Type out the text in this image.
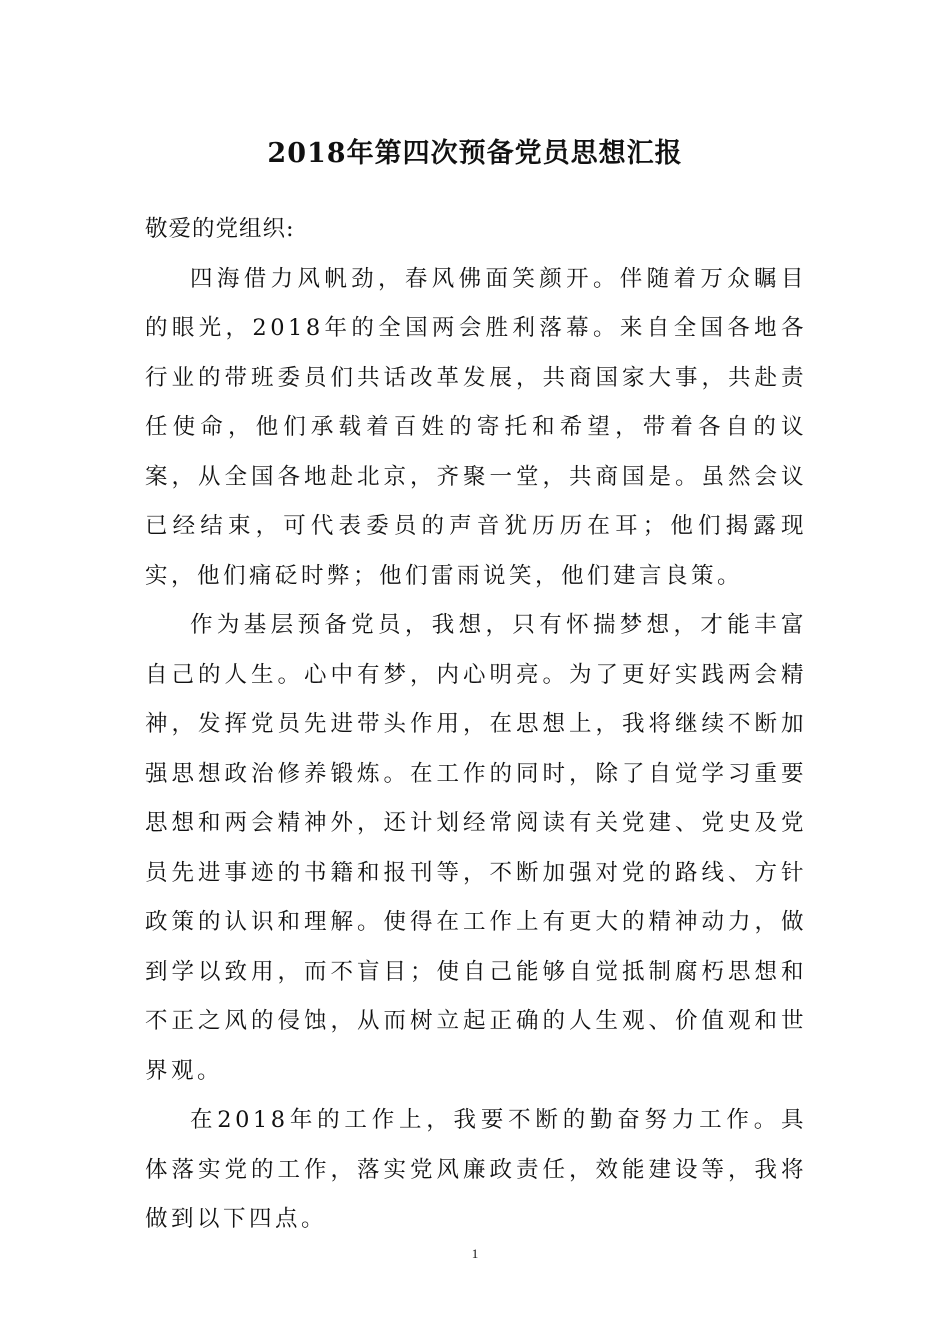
2018年第四次预备党员思想汇报

敬爱的党组织:

四海借力风帆劲，春风佛面笑颜开。伴随着万众瞩目的眼光，2018年的全国两会胜利落幕。来自全国各地各行业的带班委员们共话改革发展，共商国家大事，共赴责任使命，他们承载着百姓的寄托和希望，带着各自的议案，从全国各地赴北京，齐聚一堂，共商国是。虽然会议已经结束，可代表委员的声音犹历历在耳；他们揭露现实，他们痛砭时弊；他们雷雨说笑，他们建言良策。

作为基层预备党员，我想，只有怀揣梦想，才能丰富自己的人生。心中有梦，内心明亮。为了更好实践两会精神，发挥党员先进带头作用，在思想上，我将继续不断加强思想政治修养锻炼。在工作的同时，除了自觉学习重要思想和两会精神外，还计划经常阅读有关党建、党史及党员先进事迹的书籍和报刊等，不断加强对党的路线、方针政策的认识和理解。使得在工作上有更大的精神动力，做到学以致用，而不盲目；使自己能够自觉抵制腐朽思想和不正之风的侵蚀，从而树立起正确的人生观、价值观和世界观。

在2018年的工作上，我要不断的勤奋努力工作。具体落实党的工作，落实党风廉政责任，效能建设等，我将做到以下四点。

1
